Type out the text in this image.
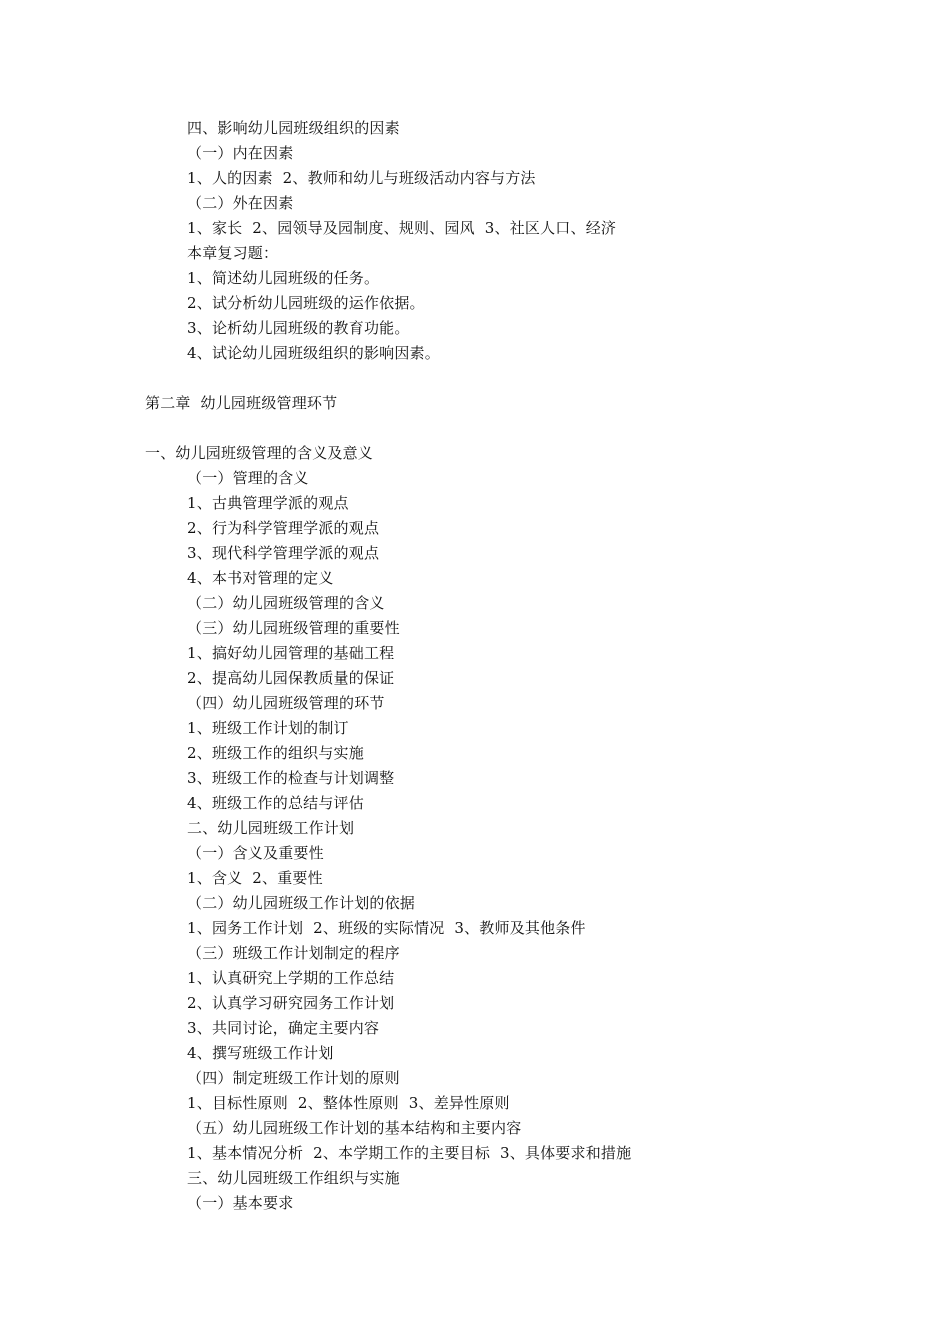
四、影响幼儿园班级组织的因素
（一）内在因素
1、人的因素  2、教师和幼儿与班级活动内容与方法
（二）外在因素
1、家长  2、园领导及园制度、规则、园风  3、社区人口、经济
本章复习题：
1、简述幼儿园班级的任务。
2、试分析幼儿园班级的运作依据。
3、论析幼儿园班级的教育功能。
4、试论幼儿园班级组织的影响因素。
第二章  幼儿园班级管理环节
一、幼儿园班级管理的含义及意义
（一）管理的含义
1、古典管理学派的观点
2、行为科学管理学派的观点
3、现代科学管理学派的观点
4、本书对管理的定义
（二）幼儿园班级管理的含义
（三）幼儿园班级管理的重要性
1、搞好幼儿园管理的基础工程
2、提高幼儿园保教质量的保证
（四）幼儿园班级管理的环节
1、班级工作计划的制订
2、班级工作的组织与实施
3、班级工作的检查与计划调整
4、班级工作的总结与评估
二、幼儿园班级工作计划
（一）含义及重要性
1、含义  2、重要性
（二）幼儿园班级工作计划的依据
1、园务工作计划  2、班级的实际情况  3、教师及其他条件
（三）班级工作计划制定的程序
1、认真研究上学期的工作总结
2、认真学习研究园务工作计划
3、共同讨论，确定主要内容
4、撰写班级工作计划
（四）制定班级工作计划的原则
1、目标性原则  2、整体性原则  3、差异性原则
（五）幼儿园班级工作计划的基本结构和主要内容
1、基本情况分析  2、本学期工作的主要目标  3、具体要求和措施
三、幼儿园班级工作组织与实施
（一）基本要求
